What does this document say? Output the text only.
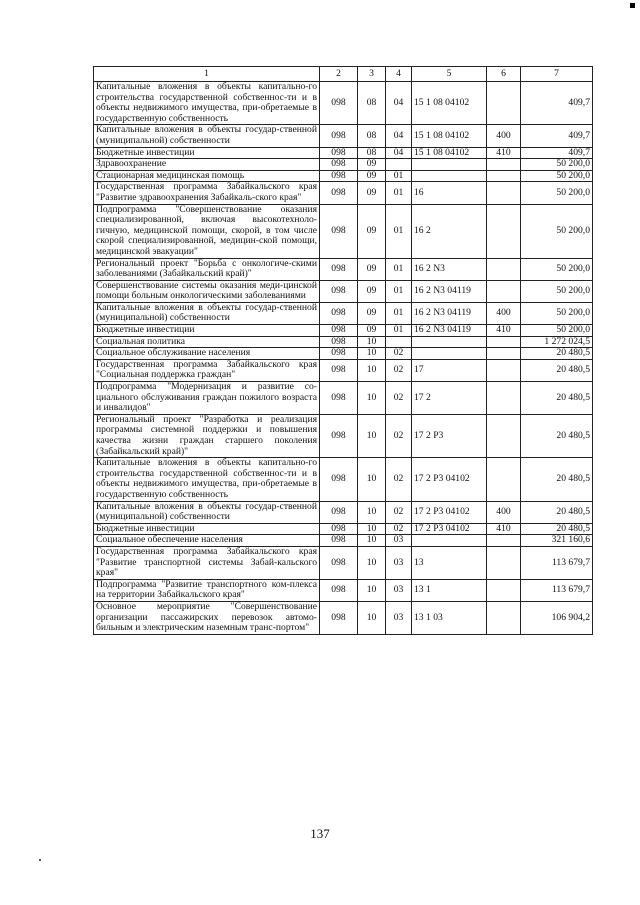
1	2	3	4	5	6	7
Капитальные вложения в объекты капитально-го строительства государственной собственнос-ти и в объекты недвижимого имущества, при-обретаемые в государственную собственность	098	08	04	15 1 08 04102		409,7
Капитальные вложения в объекты государ-ственной (муниципальной) собственности	098	08	04	15 1 08 04102	400	409,7
Бюджетные инвестиции	098	08	04	15 1 08 04102	410	409,7
Здравоохранение	098	09				50 200,0
Стационарная медицинская помощь	098	09	01			50 200,0
Государственная программа Забайкальского края "Развитие здравоохранения Забайкаль-ского края"	098	09	01	16		50 200,0
Подпрограмма "Совершенствование оказания специализированной, включая высокотехноло-гичную, медицинской помощи, скорой, в том числе скорой специализированной, медицин-ской помощи, медицинской эвакуации"	098	09	01	16 2		50 200,0
Региональный проект "Борьба с онкологиче-скими заболеваниями (Забайкальский край)"	098	09	01	16 2 N3		50 200,0
Совершенствование системы оказания меди-цинской помощи больным онкологическими заболеваниями	098	09	01	16 2 N3 04119		50 200,0
Капитальные вложения в объекты государ-ственной (муниципальной) собственности	098	09	01	16 2 N3 04119	400	50 200,0
Бюджетные инвестиции	098	09	01	16 2 N3 04119	410	50 200,0
Социальная политика	098	10				1 272 024,5
Социальное обслуживание населения	098	10	02			20 480,5
Государственная программа Забайкальского края "Социальная поддержка граждан"	098	10	02	17		20 480,5
Подпрограмма "Модернизация и развитие со-циального обслуживания граждан пожилого возраста и инвалидов"	098	10	02	17 2		20 480,5
Региональный проект "Разработка и реализация программы системной поддержки и повышения качества жизни граждан старшего поколения (Забайкальский край)"	098	10	02	17 2 P3		20 480,5
Капитальные вложения в объекты капитально-го строительства государственной собственнос-ти и в объекты недвижимого имущества, при-обретаемые в государственную собственность	098	10	02	17 2 P3 04102		20 480,5
Капитальные вложения в объекты государ-ственной (муниципальной) собственности	098	10	02	17 2 P3 04102	400	20 480,5
Бюджетные инвестиции	098	10	02	17 2 P3 04102	410	20 480,5
Социальное обеспечение населения	098	10	03			321 160,6
Государственная программа Забайкальского края "Развитие транспортной системы Забай-кальского края"	098	10	03	13		113 679,7
Подпрограмма "Развитие транспортного ком-плекса на территории Забайкальского края"	098	10	03	13 1		113 679,7
Основное мероприятие "Совершенствование организации пассажирских перевозок автомо-бильным и электрическим наземным транс-портом"	098	10	03	13 1 03		106 904,2
137
